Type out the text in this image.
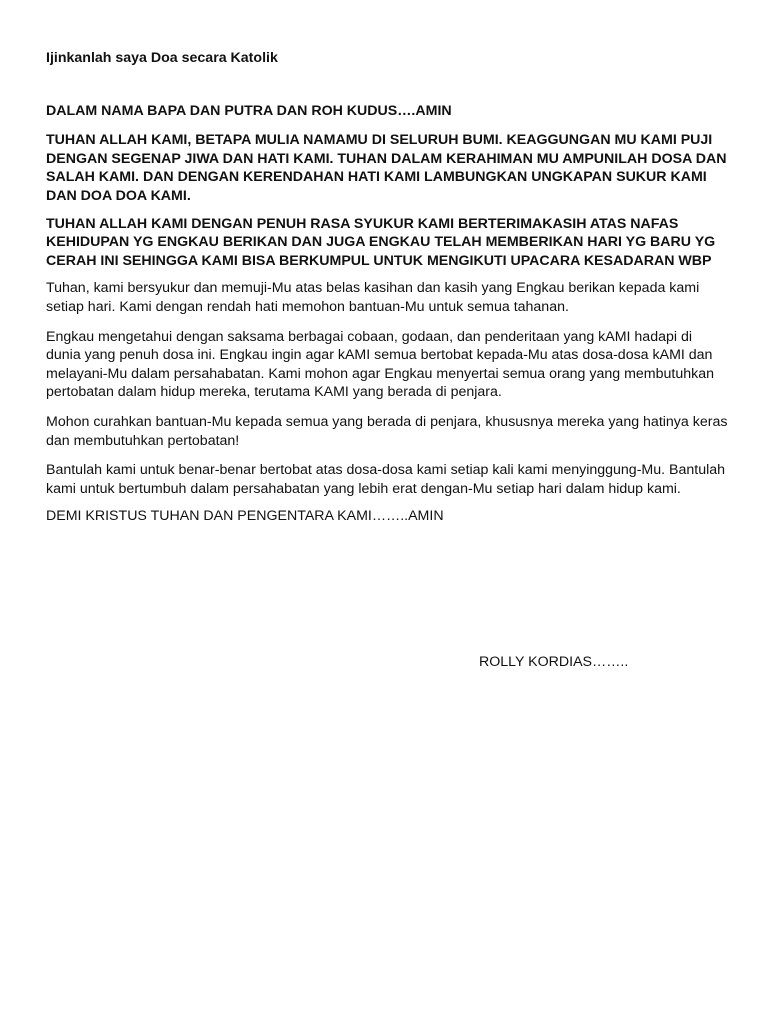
Ijinkanlah saya Doa secara Katolik

DALAM NAMA BAPA DAN PUTRA DAN ROH KUDUS….AMIN

TUHAN ALLAH KAMI, BETAPA MULIA NAMAMU DI SELURUH BUMI. KEAGGUNGAN MU KAMI PUJI DENGAN SEGENAP JIWA DAN HATI KAMI. TUHAN DALAM KERAHIMAN MU AMPUNILAH DOSA DAN SALAH KAMI. DAN DENGAN KERENDAHAN HATI KAMI LAMBUNGKAN UNGKAPAN SUKUR KAMI DAN DOA DOA KAMI.

TUHAN ALLAH KAMI DENGAN PENUH RASA SYUKUR KAMI BERTERIMAKASIH ATAS NAFAS KEHIDUPAN YG ENGKAU BERIKAN DAN JUGA ENGKAU TELAH MEMBERIKAN HARI YG BARU YG CERAH INI SEHINGGA KAMI BISA BERKUMPUL UNTUK MENGIKUTI UPACARA KESADARAN WBP

Tuhan, kami bersyukur dan memuji-Mu atas belas kasihan dan kasih yang Engkau berikan kepada kami setiap hari. Kami dengan rendah hati memohon bantuan-Mu untuk semua tahanan.

Engkau mengetahui dengan saksama berbagai cobaan, godaan, dan penderitaan yang kAMI hadapi di dunia yang penuh dosa ini. Engkau ingin agar kAMI semua bertobat kepada-Mu atas dosa-dosa kAMI dan melayani-Mu dalam persahabatan. Kami mohon agar Engkau menyertai semua orang yang membutuhkan pertobatan dalam hidup mereka, terutama KAMI yang berada di penjara.

Mohon curahkan bantuan-Mu kepada semua yang berada di penjara, khususnya mereka yang hatinya keras dan membutuhkan pertobatan!

Bantulah kami untuk benar-benar bertobat atas dosa-dosa kami setiap kali kami menyinggung-Mu. Bantulah kami untuk bertumbuh dalam persahabatan yang lebih erat dengan-Mu setiap hari dalam hidup kami.

DEMI KRISTUS TUHAN DAN PENGENTARA KAMI……..AMIN

ROLLY KORDIAS……..
